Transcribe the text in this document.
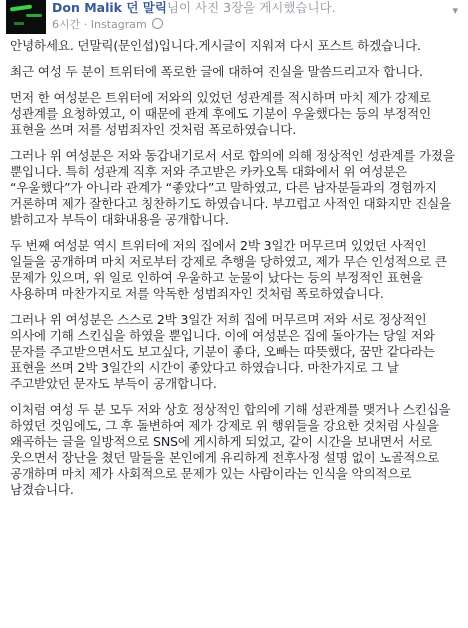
Don Malik 던 말릭님이 사진 3장을 게시했습니다.
6시간 · Instagram
▾

안녕하세요. 던말릭(문인섭)입니다.게시글이 지워져 다시 포스트 하겠습니다.

최근 여성 두 분이 트위터에 폭로한 글에 대하여 진실을 말씀드리고자 합니다.

먼저 한 여성분은 트위터에 저와의 있었던 성관계를 적시하며 마치 제가 강제로 성관계를 요청하였고, 이 때문에 관계 후에도 기분이 우울했다는 등의 부정적인 표현을 쓰며 저를 성범죄자인 것처럼 폭로하였습니다.

그러나 위 여성분은 저와 동갑내기로서 서로 합의에 의해 정상적인 성관계를 가졌을 뿐입니다. 특히 성관계 직후 저와 주고받은 카카오톡 대화에서 위 여성분은 “우울했다”가 아니라 관계가 “좋았다”고 말하였고, 다른 남자분들과의 경험까지 거론하며 제가 잘한다고 칭찬하기도 하였습니다. 부끄럽고 사적인 대화지만 진실을 밝히고자 부득이 대화내용을 공개합니다.

두 번째 여성분 역시 트위터에 저의 집에서 2박 3일간 머무르며 있었던 사적인 일들을 공개하며 마치 저로부터 강제로 추행을 당하였고, 제가 무슨 인성적으로 큰 문제가 있으며, 위 일로 인하여 우울하고 눈물이 났다는 등의 부정적인 표현을 사용하며 마찬가지로 저를 악독한 성범죄자인 것처럼 폭로하였습니다.

그러나 위 여성분은 스스로 2박 3일간 저희 집에 머무르며 저와 서로 정상적인 의사에 기해 스킨십을 하였을 뿐입니다. 이에 여성분은 집에 돌아가는 당일 저와 문자를 주고받으면서도 보고싶다, 기분이 좋다, 오빠는 따뜻했다, 꿈만 같다라는 표현을 쓰며 2박 3일간의 시간이 좋았다고 하였습니다. 마찬가지로 그 날 주고받았던 문자도 부득이 공개합니다.

이처럼 여성 두 분 모두 저와 상호 정상적인 합의에 기해 성관계를 맺거나 스킨십을 하였던 것임에도, 그 후 돌변하여 제가 강제로 위 행위들을 강요한 것처럼 사실을 왜곡하는 글을 일방적으로 SNS에 게시하게 되었고, 같이 시간을 보내면서 서로 웃으면서 장난을 쳤던 말들을 본인에게 유리하게 전후사정 설명 없이 노골적으로 공개하며 마치 제가 사회적으로 문제가 있는 사람이라는 인식을 악의적으로 남겼습니다.
